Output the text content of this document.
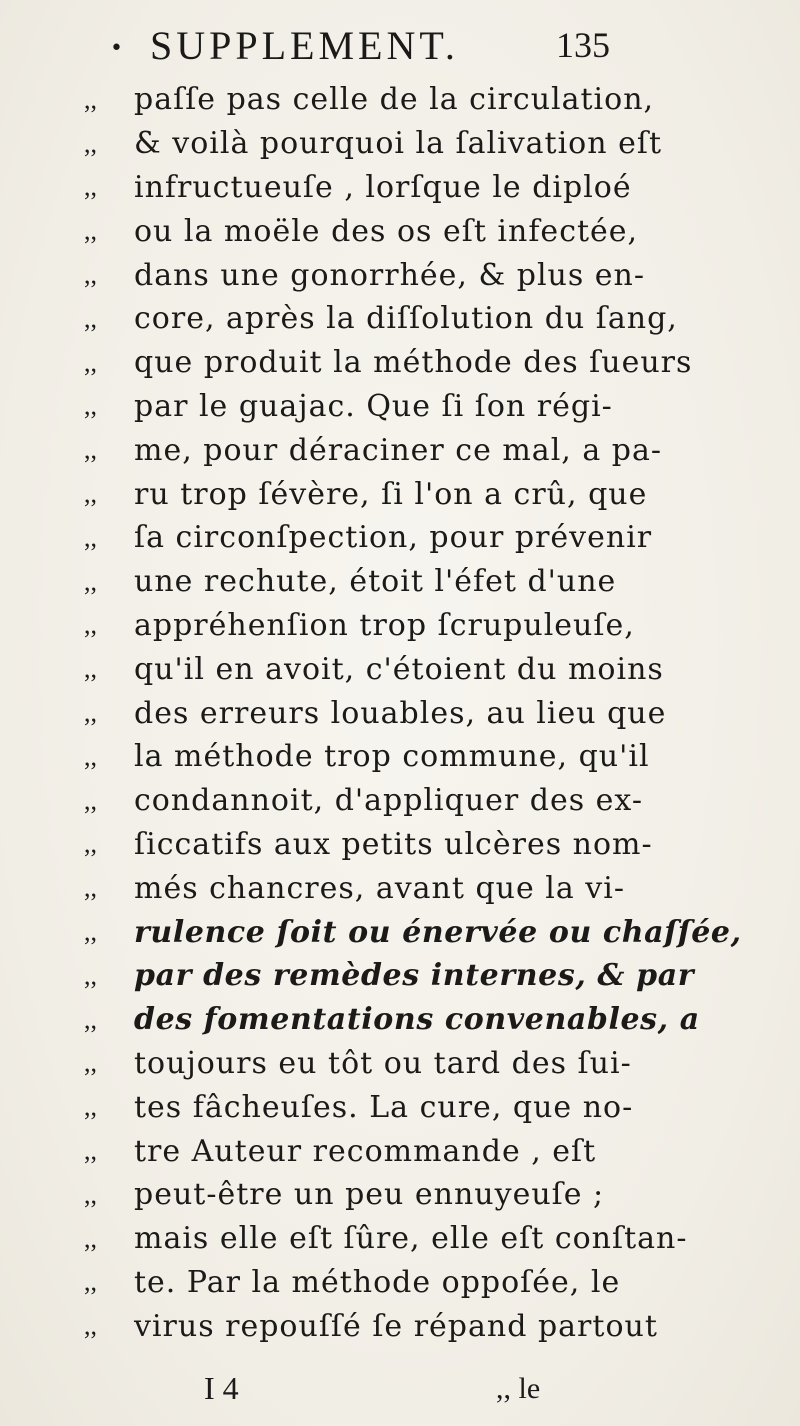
• SUPPLEMENT.	135
,,	paſſe pas celle de la circulation,
,,	& voilà pourquoi la ſalivation eſt
,,	infructueuſe , lorſque le diploé
,,	ou la moële des os eſt infectée,
,,	dans une gonorrhée, & plus en-
,,	core, après la diſſolution du ſang,
,,	que produit la méthode des ſueurs
,,	par le guajac. Que ſi ſon régi-
,,	me, pour déraciner ce mal, a pa-
,,	ru trop ſévère, ſi l'on a crû, que
,,	ſa circonſpection, pour prévenir
,,	une rechute, étoit l'éfet d'une
,,	appréhenſion trop ſcrupuleuſe,
,,	qu'il en avoit, c'étoient du moins
,,	des erreurs louables, au lieu que
,,	la méthode trop commune, qu'il
,,	condannoit, d'appliquer des ex-
,,	ſiccatifs aux petits ulcères nom-
,,	més chancres, avant que la vi-
,,	rulence ſoit ou énervée ou chaſſée,
,,	par des remèdes internes, & par
,,	des fomentations convenables, a
,,	toujours eu tôt ou tard des ſui-
,,	tes fâcheuſes. La cure, que no-
,,	tre Auteur recommande , eſt
,,	peut-être un peu ennuyeuſe ;
,,	mais elle eſt ſûre, elle eſt conſtan-
,,	te. Par la méthode oppoſée, le
,,	virus repouſſé ſe répand partout
I 4	,, le
